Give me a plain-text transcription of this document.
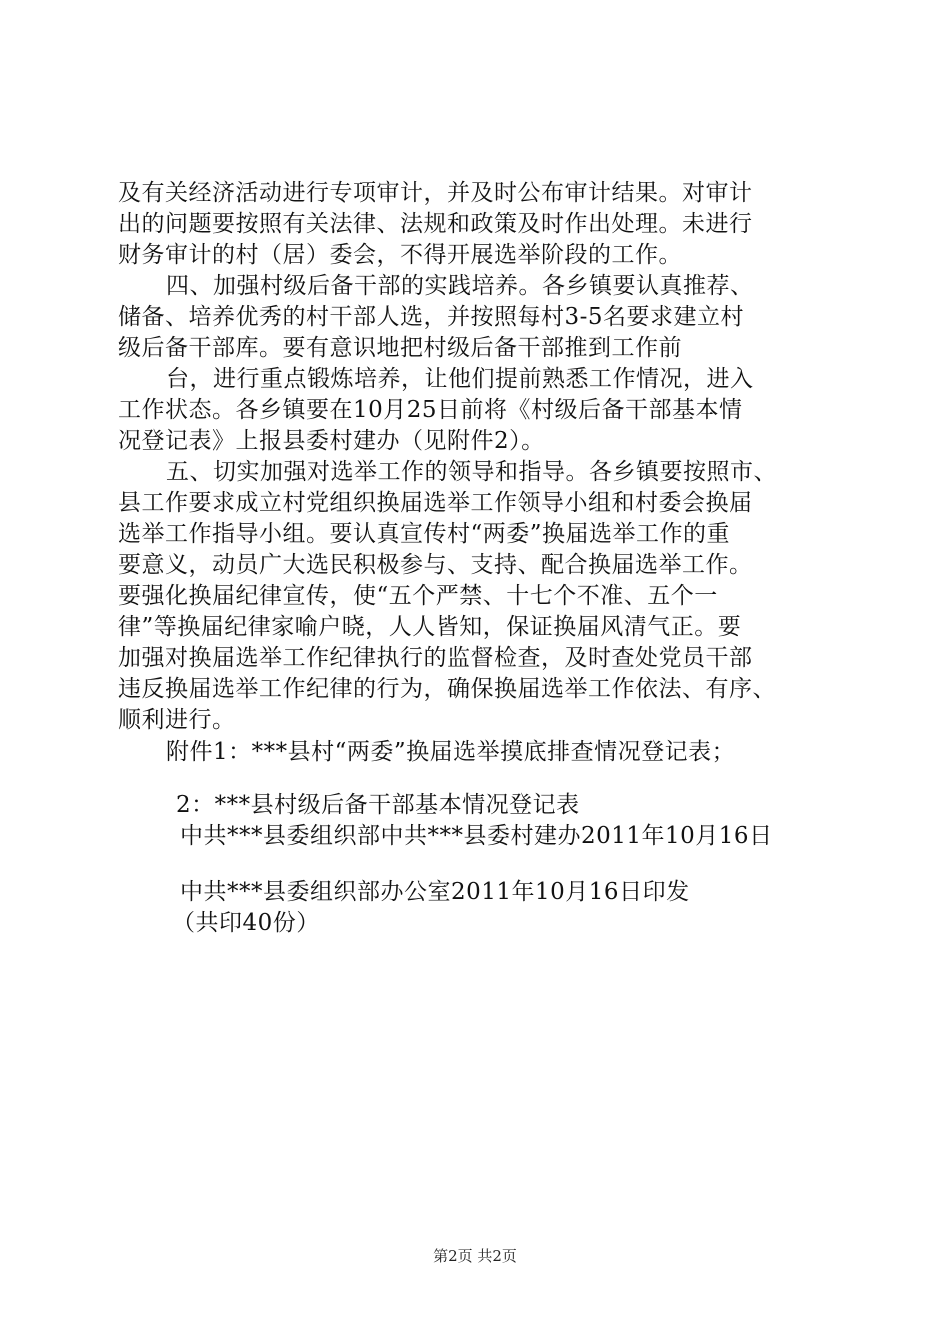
及有关经济活动进行专项审计，并及时公布审计结果。对审计
出的问题要按照有关法律、法规和政策及时作出处理。未进行
财务审计的村（居）委会，不得开展选举阶段的工作。
四、加强村级后备干部的实践培养。各乡镇要认真推荐、
储备、培养优秀的村干部人选，并按照每村3-5名要求建立村
级后备干部库。要有意识地把村级后备干部推到工作前
台，进行重点锻炼培养，让他们提前熟悉工作情况，进入
工作状态。各乡镇要在10月25日前将《村级后备干部基本情
况登记表》上报县委村建办（见附件2）。
五、切实加强对选举工作的领导和指导。各乡镇要按照市、
县工作要求成立村党组织换届选举工作领导小组和村委会换届
选举工作指导小组。要认真宣传村“两委”换届选举工作的重
要意义，动员广大选民积极参与、支持、配合换届选举工作。
要强化换届纪律宣传，使“五个严禁、十七个不准、五个一
律”等换届纪律家喻户晓，人人皆知，保证换届风清气正。要
加强对换届选举工作纪律执行的监督检查，及时查处党员干部
违反换届选举工作纪律的行为，确保换届选举工作依法、有序、
顺利进行。
附件1：***县村“两委”换届选举摸底排查情况登记表；
2：***县村级后备干部基本情况登记表
中共***县委组织部中共***县委村建办2011年10月16日
中共***县委组织部办公室2011年10月16日印发
（共印40份）
第2页 共2页
